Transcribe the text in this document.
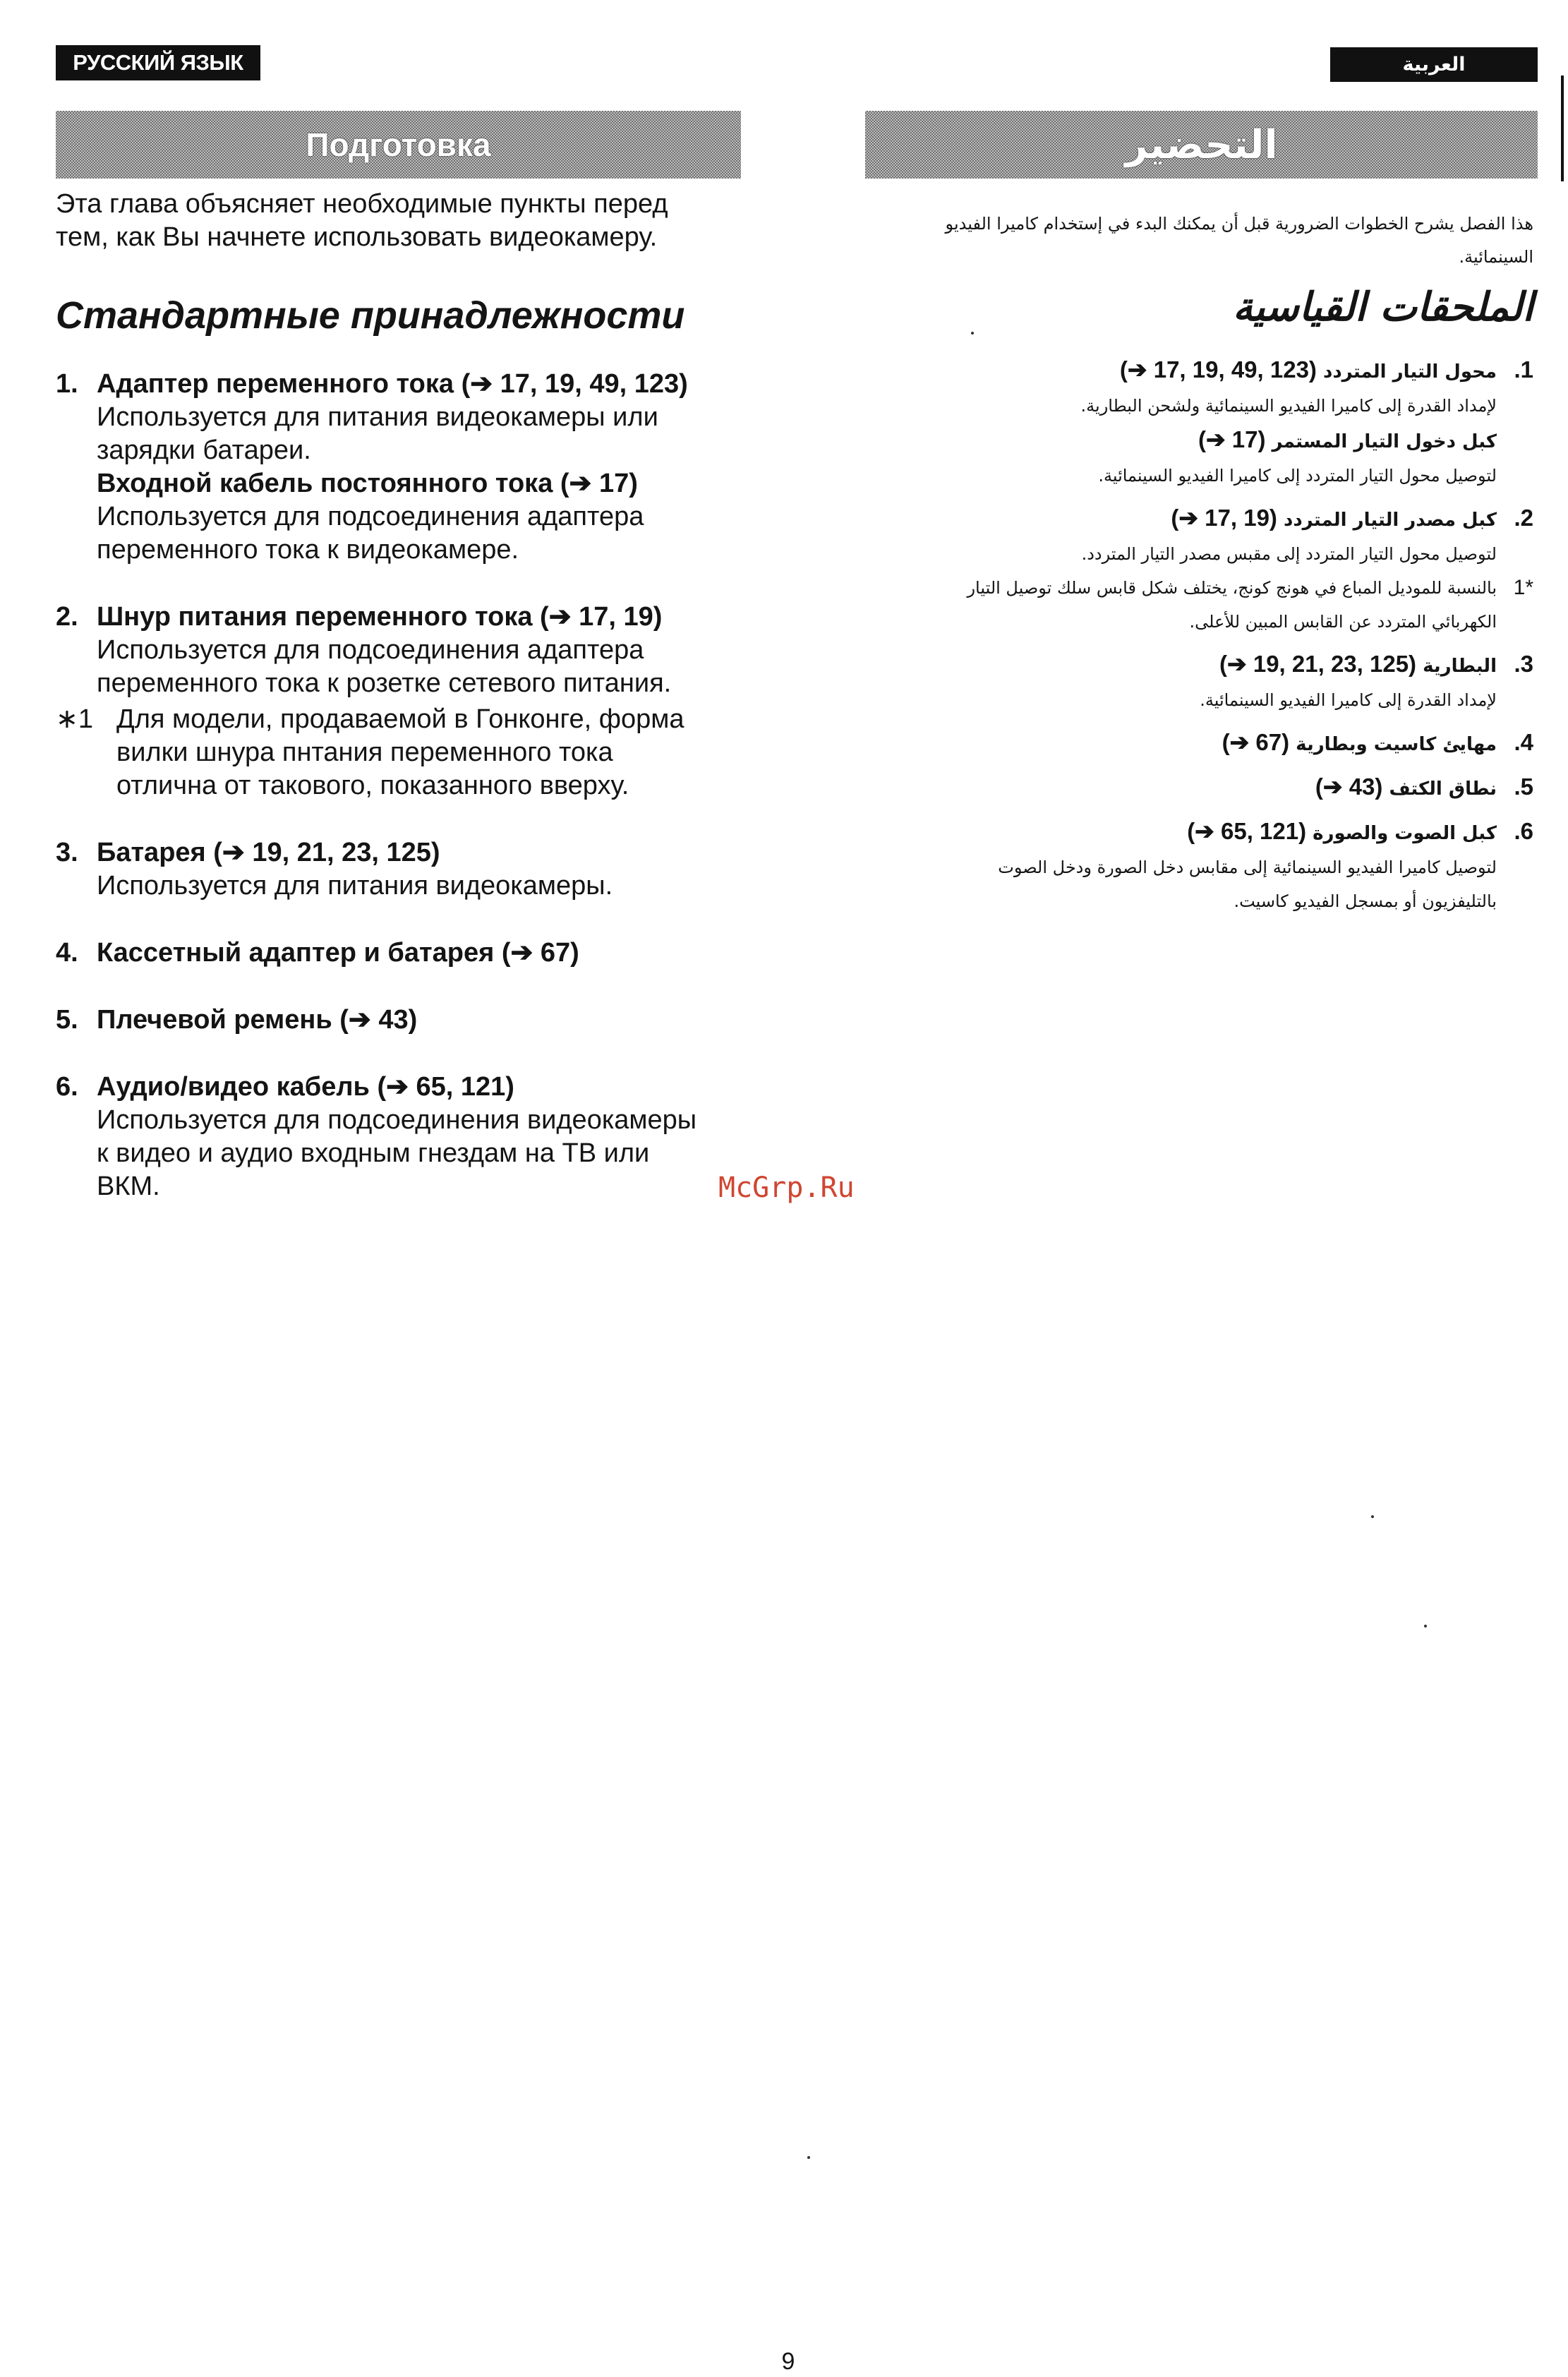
РУССКИЙ ЯЗЫК	العربية
Подготовка	التحضير
Эта глава объясняет необходимые пункты перед
тем, как Вы начнете использовать видеокамеру.
Стандартные принадлежности
1. Адаптер переменного тока (➔ 17, 19, 49, 123)
Используется для питания видеокамеры или
зарядки батареи.
Входной кабель постоянного тока (➔ 17)
Используется для подсоединения адаптера
переменного тока к видеокамере.
2. Шнур питания переменного тока (➔ 17, 19)
Используется для подсоединения адаптера
переменного тока к розетке сетевого питания.
∗1 Для модели, продаваемой в Гонконге, форма
вилки шнура пнтания переменного тока
отлична от такового, показанного вверху.
3. Батарея (➔ 19, 21, 23, 125)
Используется для питания видеокамеры.
4. Кассетный адаптер и батарея (➔ 67)
5. Плечевой ремень (➔ 43)
6. Аудио/видео кабель (➔ 65, 121)
Используется для подсоединения видеокамеры
к видео и аудио входным гнездам на ТВ или
ВКМ.
هذا الفصل يشرح الخطوات الضرورية قبل أن يمكنك البدء في إستخدام كاميرا الفيديو
السينمائية.
الملحقات القياسية
1.
محول التيار المتردد (➔ 17, 19, 49, 123)
لإمداد القدرة إلى كاميرا الفيديو السينمائية ولشحن البطارية.
كبل دخول التيار المستمر (➔ 17)
لتوصيل محول التيار المتردد إلى كاميرا الفيديو السينمائية.
2.
كبل مصدر التيار المتردد (➔ 17, 19)
لتوصيل محول التيار المتردد إلى مقبس مصدر التيار المتردد.
*1
بالنسبة للموديل المباع في هونج كونج، يختلف شكل قابس سلك توصيل التيار
الكهربائي المتردد عن القابس المبين للأعلى.
3.
البطارية (➔ 19, 21, 23, 125)
لإمداد القدرة إلى كاميرا الفيديو السينمائية.
4.
مهايئ كاسيت وبطارية (➔ 67)
5.
نطاق الكتف (➔ 43)
6.
كبل الصوت والصورة (➔ 65, 121)
لتوصيل كاميرا الفيديو السينمائية إلى مقابس دخل الصورة ودخل الصوت
بالتليفزيون أو بمسجل الفيديو كاسيت.
McGrp.Ru
9
